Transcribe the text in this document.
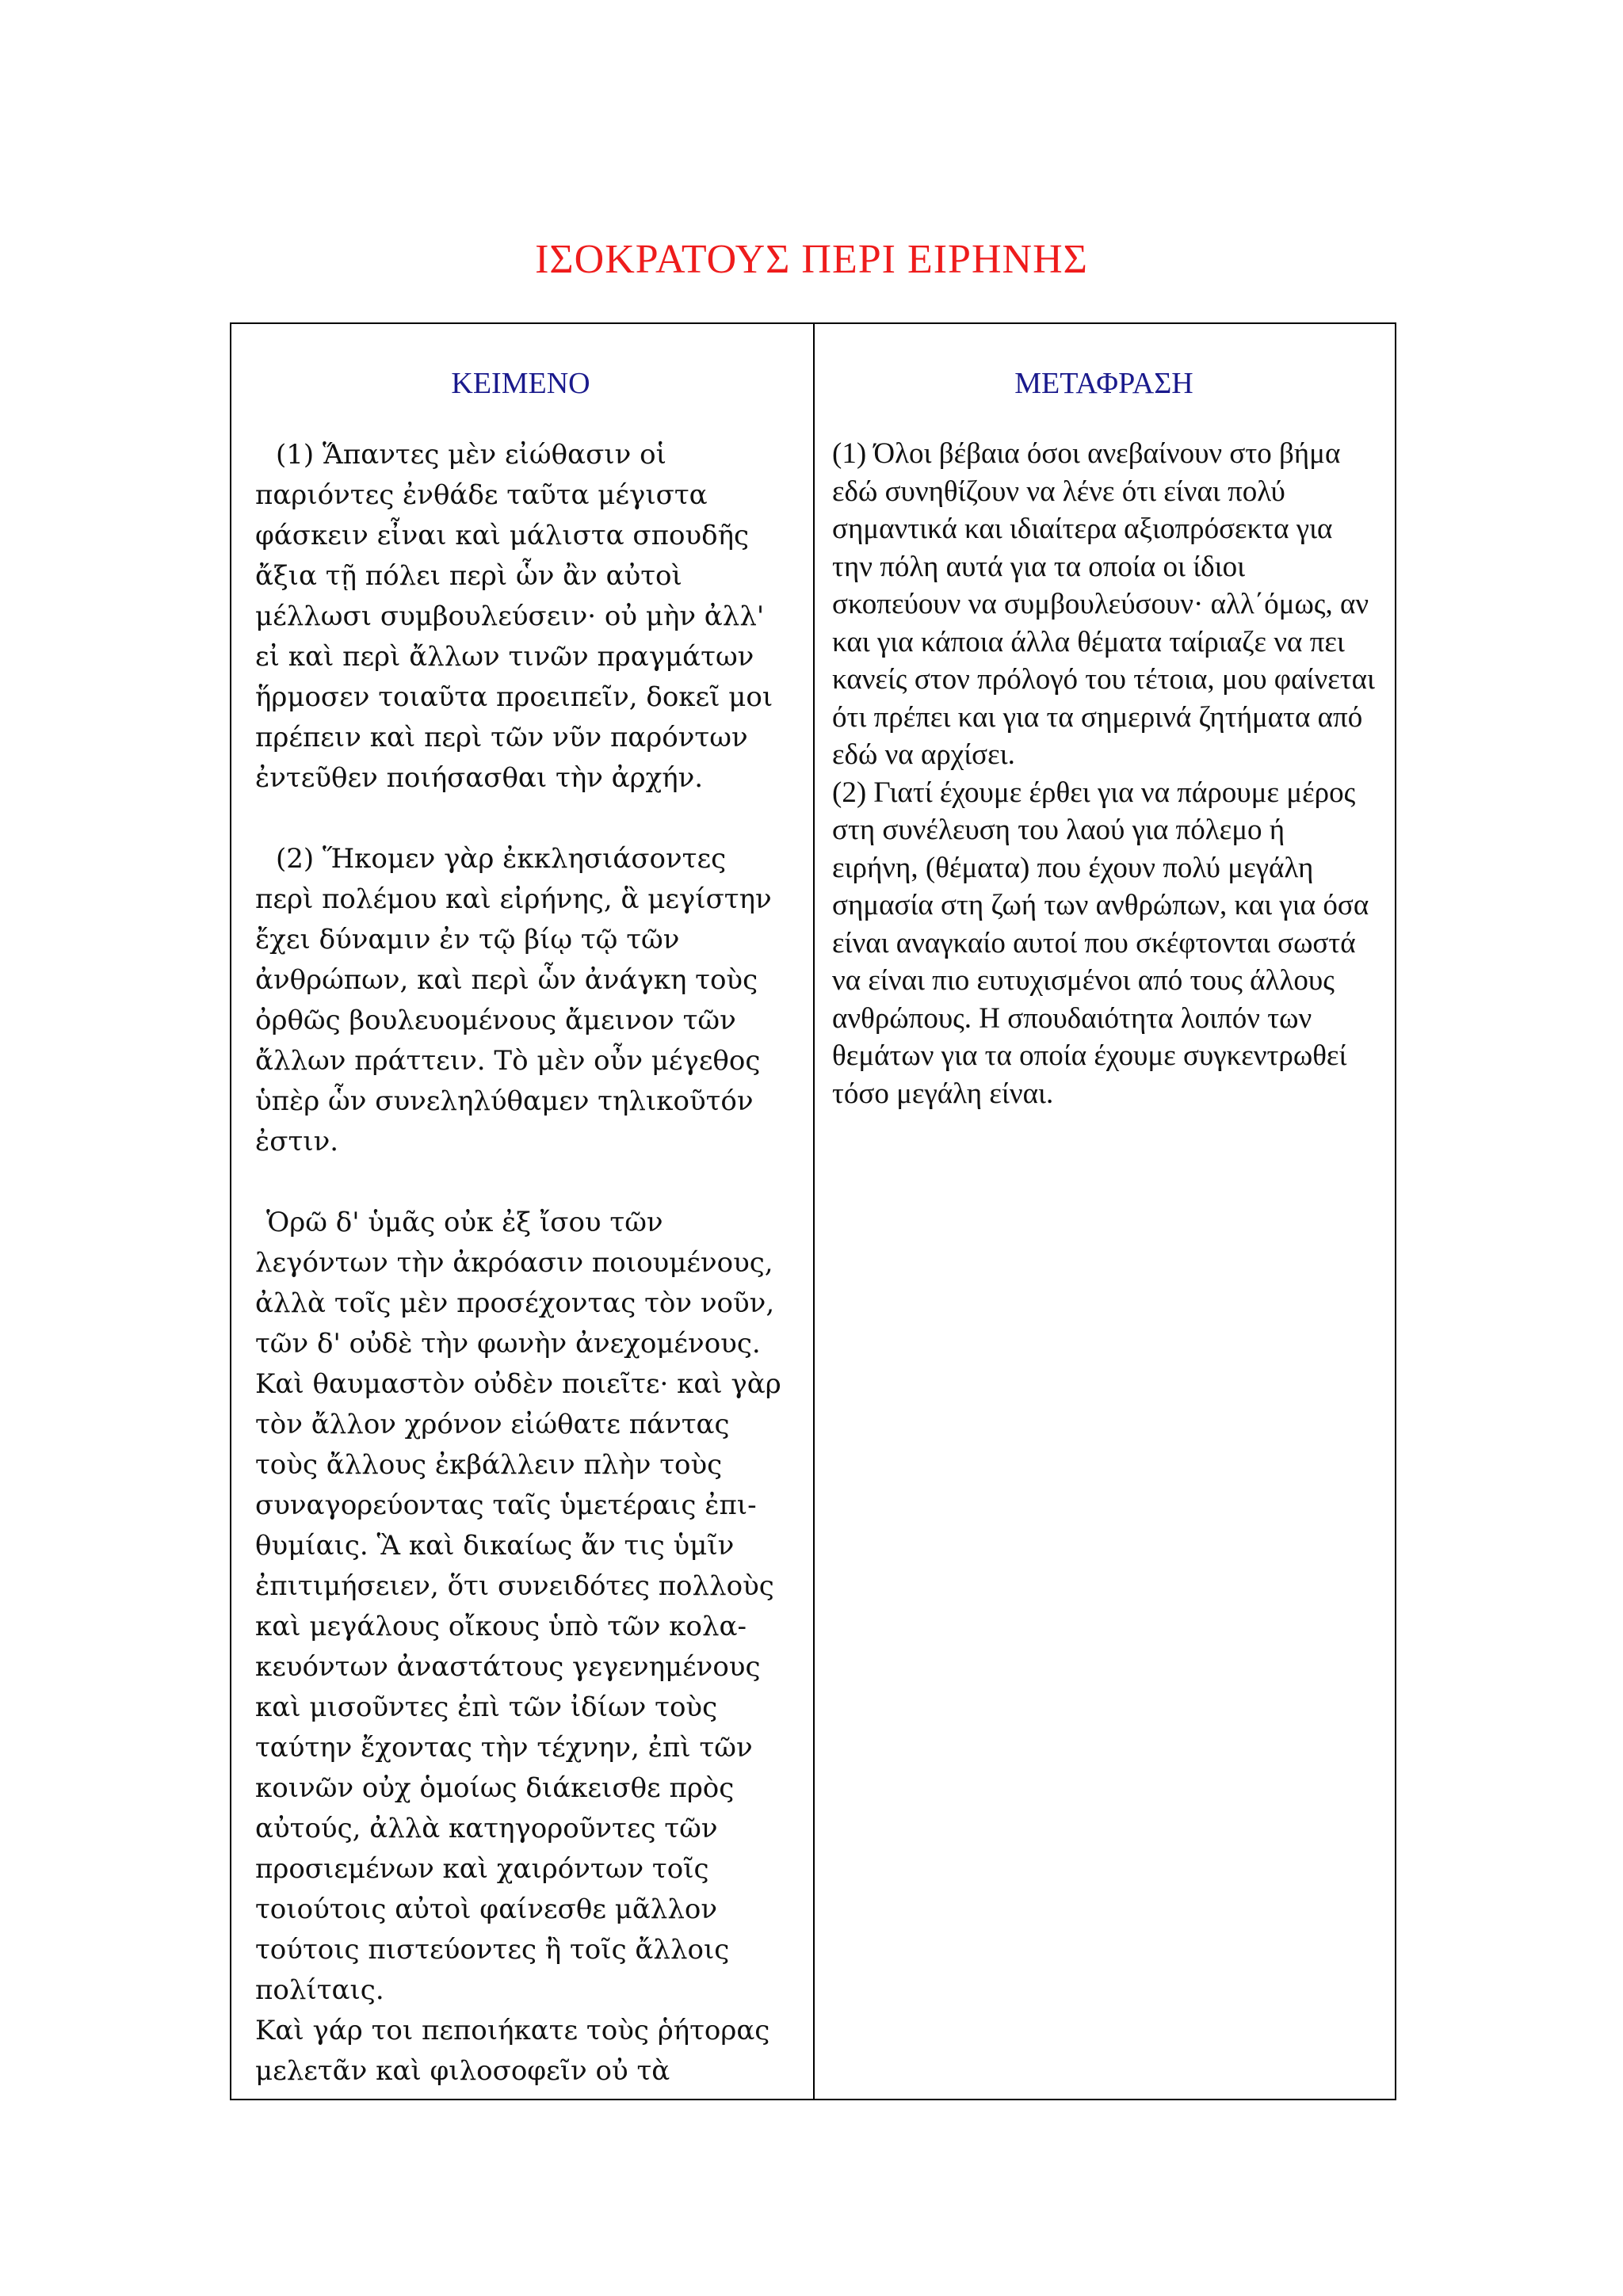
ΙΣΟΚΡΑΤΟΥΣ ΠΕΡΙ ΕΙΡΗΝΗΣ
ΚΕΙΜΕΝΟ

(1) Ἅπαντες μὲν εἰώθασιν οἱ παριόντες ἐνθάδε ταῦτα μέγιστα φάσκειν εἶναι καὶ μάλιστα σπουδῆς ἄξια τῇ πόλει περὶ ὧν ἂν αὐτοὶ μέλλωσι συμβουλεύσειν· οὐ μὴν ἀλλ' εἰ καὶ περὶ ἄλλων τινῶν πραγμάτων ἥρμοσεν τοιαῦτα προειπεῖν, δοκεῖ μοι πρέπειν καὶ περὶ τῶν νῦν παρόντων ἐντεῦθεν ποιήσασθαι τὴν ἀρχήν.

(2) Ἥκομεν γὰρ ἐκκλησιάσοντες περὶ πολέμου καὶ εἰρήνης, ἃ μεγίστην ἔχει δύναμιν ἐν τῷ βίῳ τῷ τῶν ἀνθρώπων, καὶ περὶ ὧν ἀνάγκη τοὺς ὀρθῶς βουλευομένους ἄμεινον τῶν ἄλλων πράττειν. Τὸ μὲν οὖν μέγεθος ὑπὲρ ὧν συνεληλύθαμεν τηλικοῦτόν ἐστιν.

Ὁρῶ δ' ὑμᾶς οὐκ ἐξ ἴσου τῶν λεγόντων τὴν ἀκρόασιν ποιουμένους, ἀλλὰ τοῖς μὲν προσέχοντας τὸν νοῦν, τῶν δ' οὐδὲ τὴν φωνὴν ἀνεχομένους. Καὶ θαυμαστὸν οὐδὲν ποιεῖτε· καὶ γὰρ τὸν ἄλλον χρόνον εἰώθατε πάντας τοὺς ἄλλους ἐκβάλλειν πλὴν τοὺς συναγορεύοντας ταῖς ὑμετέραις ἐπι-θυμίαις. Ἃ καὶ δικαίως ἄν τις ὑμῖν ἐπιτιμήσειεν, ὅτι συνειδότες πολλοὺς καὶ μεγάλους οἴκους ὑπὸ τῶν κολα-κευόντων ἀναστάτους γεγενημένους καὶ μισοῦντες ἐπὶ τῶν ἰδίων τοὺς ταύτην ἔχοντας τὴν τέχνην, ἐπὶ τῶν κοινῶν οὐχ ὁμοίως διάκεισθε πρὸς αὐτούς, ἀλλὰ κατηγοροῦντες τῶν προσιεμένων καὶ χαιρόντων τοῖς τοιούτοις αὐτοὶ φαίνεσθε μᾶλλον τούτοις πιστεύοντες ἢ τοῖς ἄλλοις πολίταις.

Καὶ γάρ τοι πεποιήκατε τοὺς ῥήτορας μελετᾶν καὶ φιλοσοφεῖν οὐ τὰ

ΜΕΤΑΦΡΑΣΗ

(1) Όλοι βέβαια όσοι ανεβαίνουν στο βήμα εδώ συνηθίζουν να λένε ότι είναι πολύ σημαντικά και ιδιαίτερα αξιοπρόσεκτα για την πόλη αυτά για τα οποία οι ίδιοι σκοπεύουν να συμβουλεύσουν· αλλ΄όμως, αν και για κάποια άλλα θέματα ταίριαζε να πει κανείς στον πρόλογό του τέτοια, μου φαίνεται ότι πρέπει και για τα σημερινά ζητήματα από εδώ να αρχίσει.

(2) Γιατί έχουμε έρθει για να πάρουμε μέρος στη συνέλευση του λαού για πόλεμο ή ειρήνη, (θέματα) που έχουν πολύ μεγάλη σημασία στη ζωή των ανθρώπων, και για όσα είναι αναγκαίο αυτοί που σκέφτονται σωστά να είναι πιο ευτυχισμένοι από τους άλλους ανθρώπους. Η σπουδαιότητα λοιπόν των θεμάτων για τα οποία έχουμε συγκεντρωθεί τόσο μεγάλη είναι.
